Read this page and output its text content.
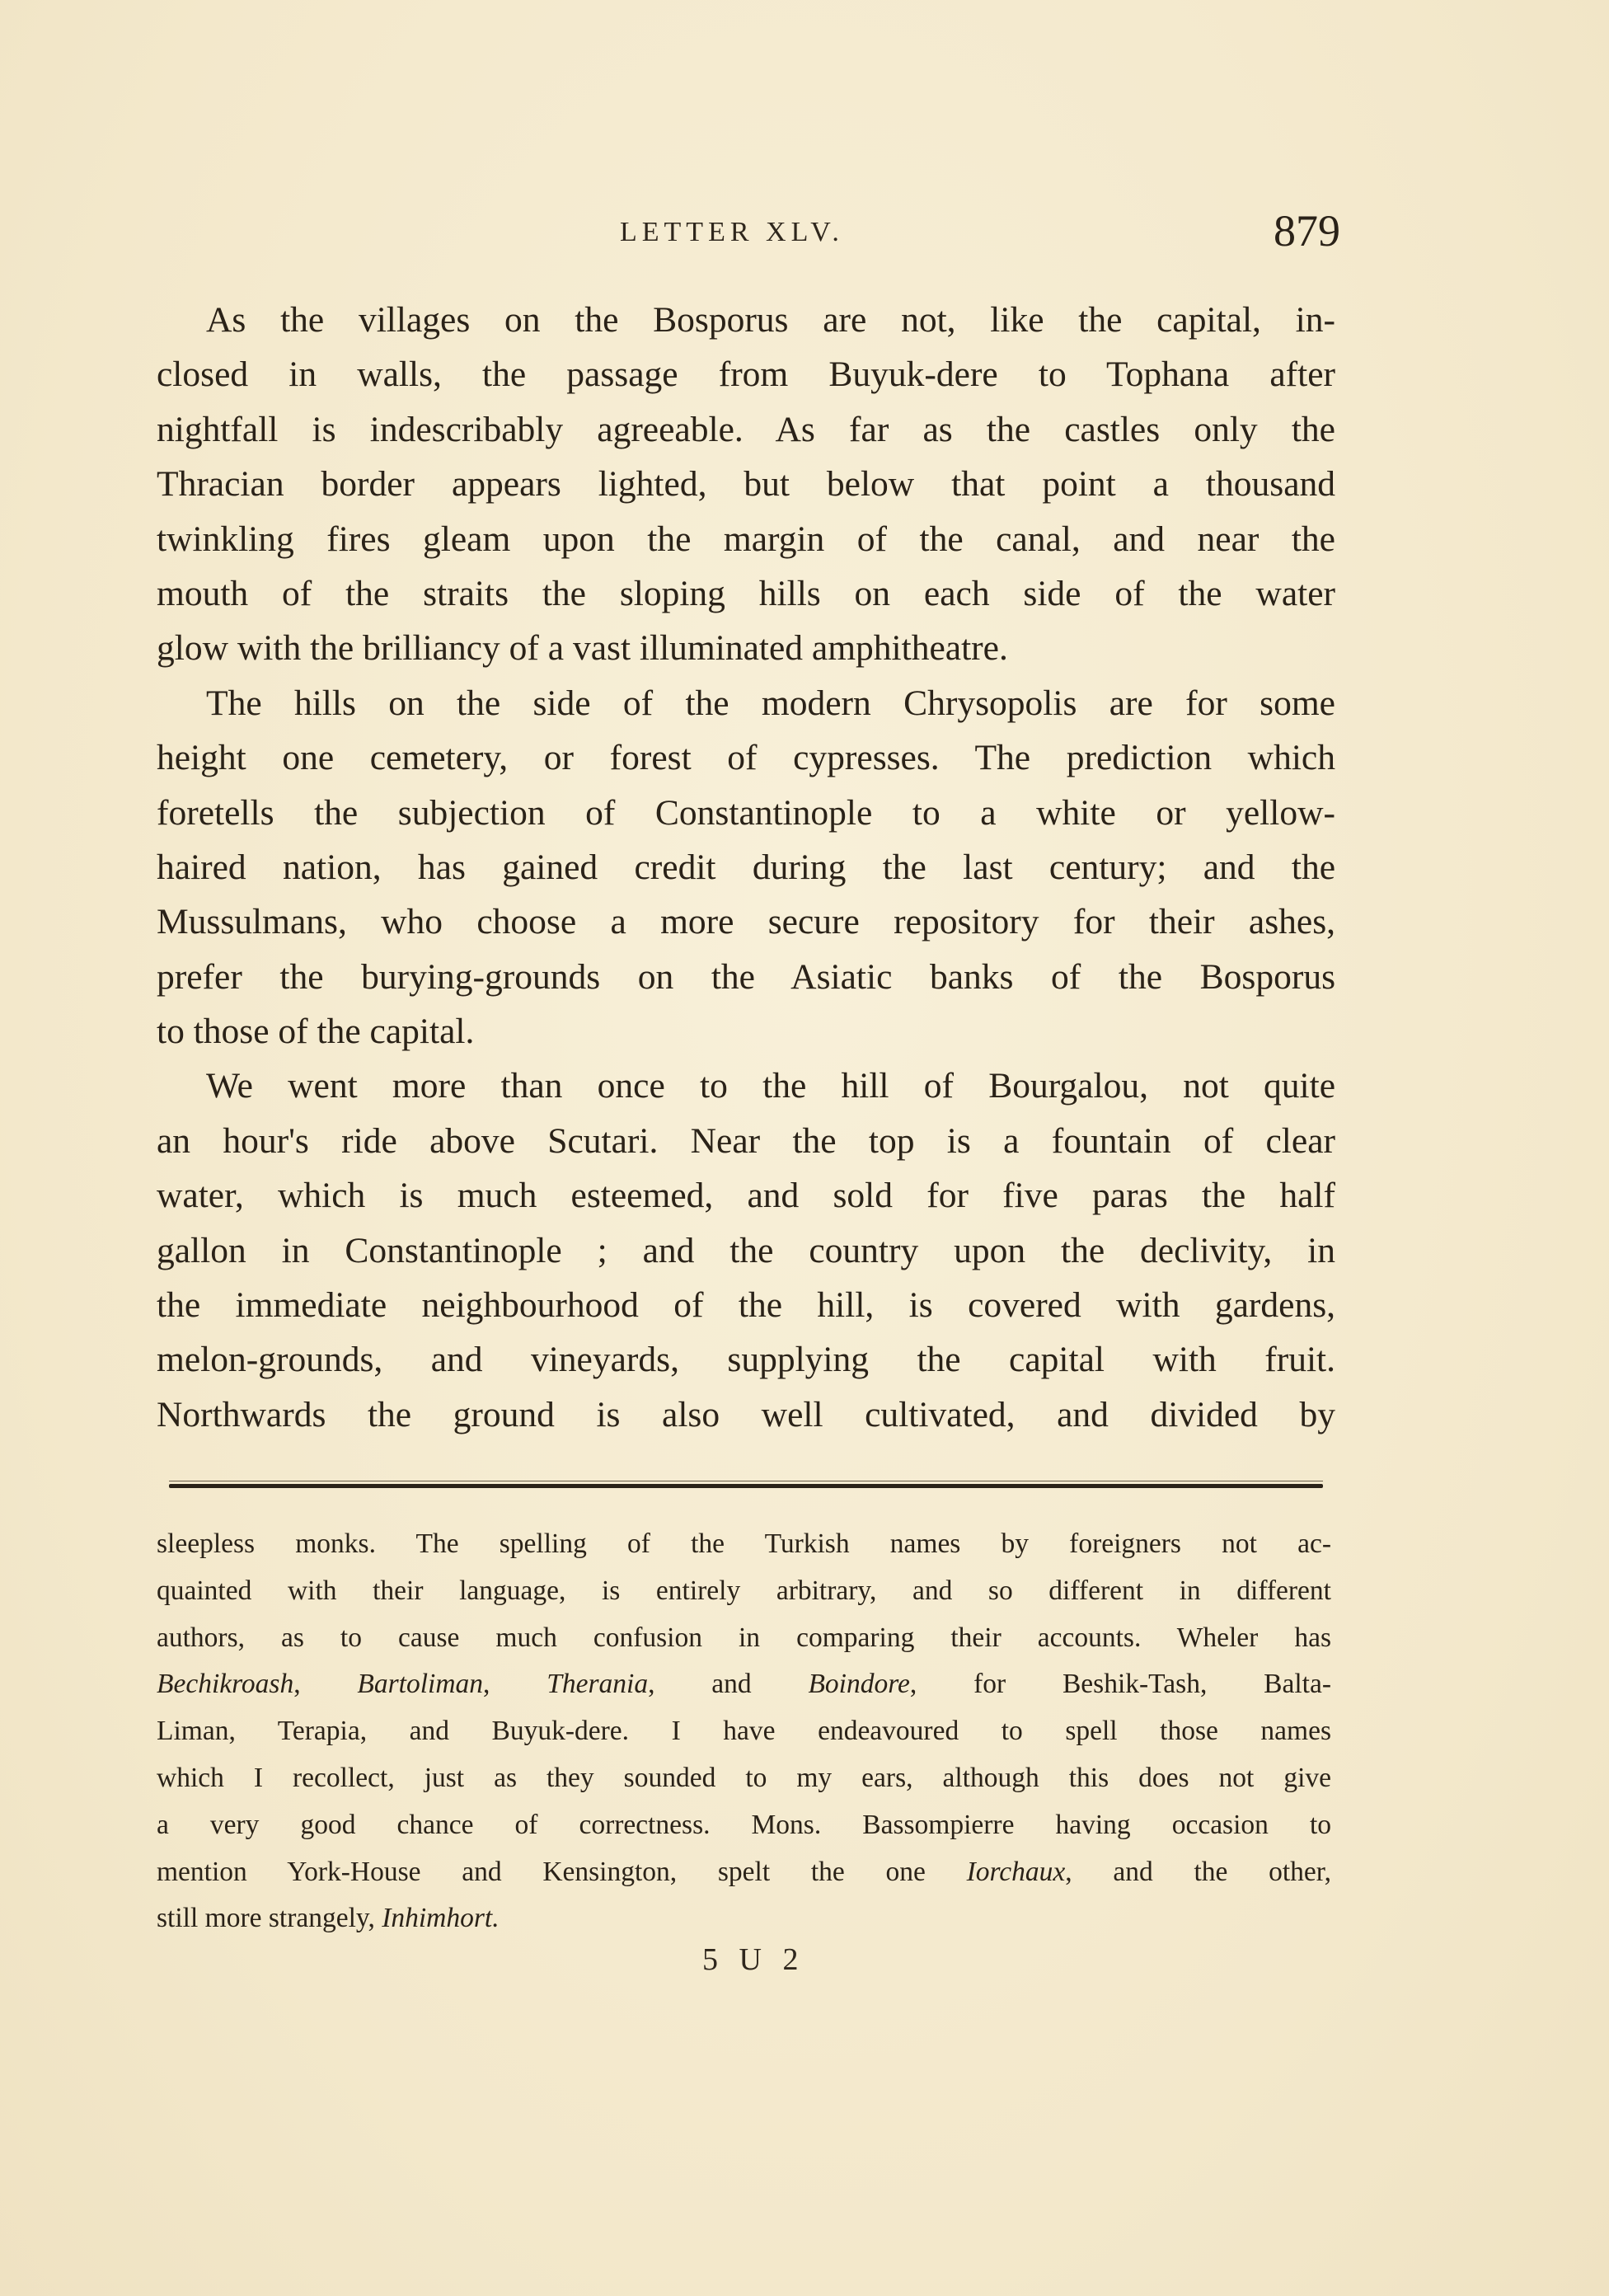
LETTER XLV.	879
As the villages on the Bosporus are not, like the capital, in-
closed in walls, the passage from Buyuk-dere to Tophana after
nightfall is indescribably agreeable. As far as the castles only the
Thracian border appears lighted, but below that point a thousand
twinkling fires gleam upon the margin of the canal, and near the
mouth of the straits the sloping hills on each side of the water
glow with the brilliancy of a vast illuminated amphitheatre.
The hills on the side of the modern Chrysopolis are for some
height one cemetery, or forest of cypresses. The prediction which
foretells the subjection of Constantinople to a white or yellow-
haired nation, has gained credit during the last century; and the
Mussulmans, who choose a more secure repository for their ashes,
prefer the burying-grounds on the Asiatic banks of the Bosporus
to those of the capital.
We went more than once to the hill of Bourgalou, not quite
an hour's ride above Scutari. Near the top is a fountain of clear
water, which is much esteemed, and sold for five paras the half
gallon in Constantinople ; and the country upon the declivity, in
the immediate neighbourhood of the hill, is covered with gardens,
melon-grounds, and vineyards, supplying the capital with fruit.
Northwards the ground is also well cultivated, and divided by
sleepless monks. The spelling of the Turkish names by foreigners not ac-
quainted with their language, is entirely arbitrary, and so different in different
authors, as to cause much confusion in comparing their accounts. Wheler has
Bechikroash, Bartoliman, Therania, and Boindore, for Beshik-Tash, Balta-
Liman, Terapia, and Buyuk-dere. I have endeavoured to spell those names
which I recollect, just as they sounded to my ears, although this does not give
a very good chance of correctness. Mons. Bassompierre having occasion to
mention York-House and Kensington, spelt the one Iorchaux, and the other,
still more strangely, Inhimhort.
5 U 2
